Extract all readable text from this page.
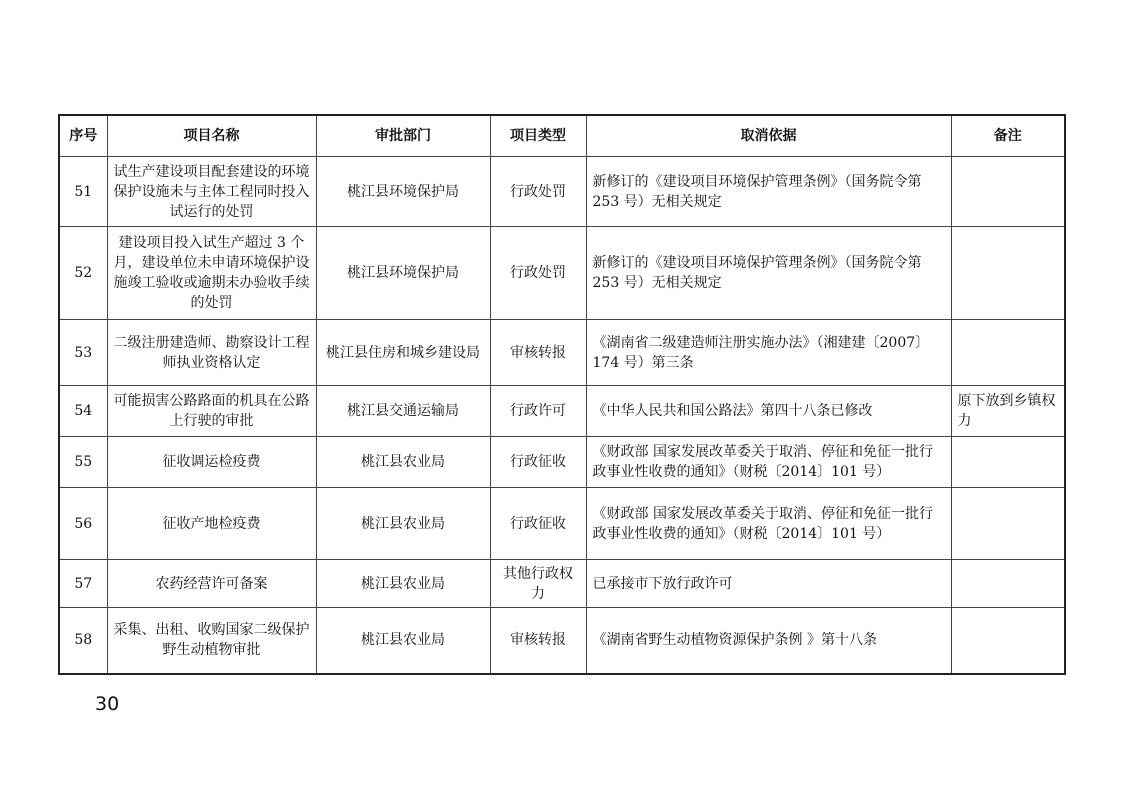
序号	项目名称	审批部门	项目类型	取消依据	备注
51	试生产建设项目配套建设的环境保护设施未与主体工程同时投入试运行的处罚	桃江县环境保护局	行政处罚	新修订的《建设项目环境保护管理条例》（国务院令第 253 号）无相关规定	
52	建设项目投入试生产超过 3 个月，建设单位未申请环境保护设施竣工验收或逾期未办验收手续的处罚	桃江县环境保护局	行政处罚	新修订的《建设项目环境保护管理条例》（国务院令第 253 号）无相关规定	
53	二级注册建造师、勘察设计工程师执业资格认定	桃江县住房和城乡建设局	审核转报	《湖南省二级建造师注册实施办法》（湘建建〔2007〕174 号）第三条	
54	可能损害公路路面的机具在公路上行驶的审批	桃江县交通运输局	行政许可	《中华人民共和国公路法》第四十八条已修改	原下放到乡镇权力
55	征收调运检疫费	桃江县农业局	行政征收	《财政部 国家发展改革委关于取消、停征和免征一批行政事业性收费的通知》（财税〔2014〕101 号）	
56	征收产地检疫费	桃江县农业局	行政征收	《财政部 国家发展改革委关于取消、停征和免征一批行政事业性收费的通知》（财税〔2014〕101 号）	
57	农药经营许可备案	桃江县农业局	其他行政权力	已承接市下放行政许可	
58	采集、出租、收购国家二级保护野生动植物审批	桃江县农业局	审核转报	《湖南省野生动植物资源保护条例 》第十八条	
30
